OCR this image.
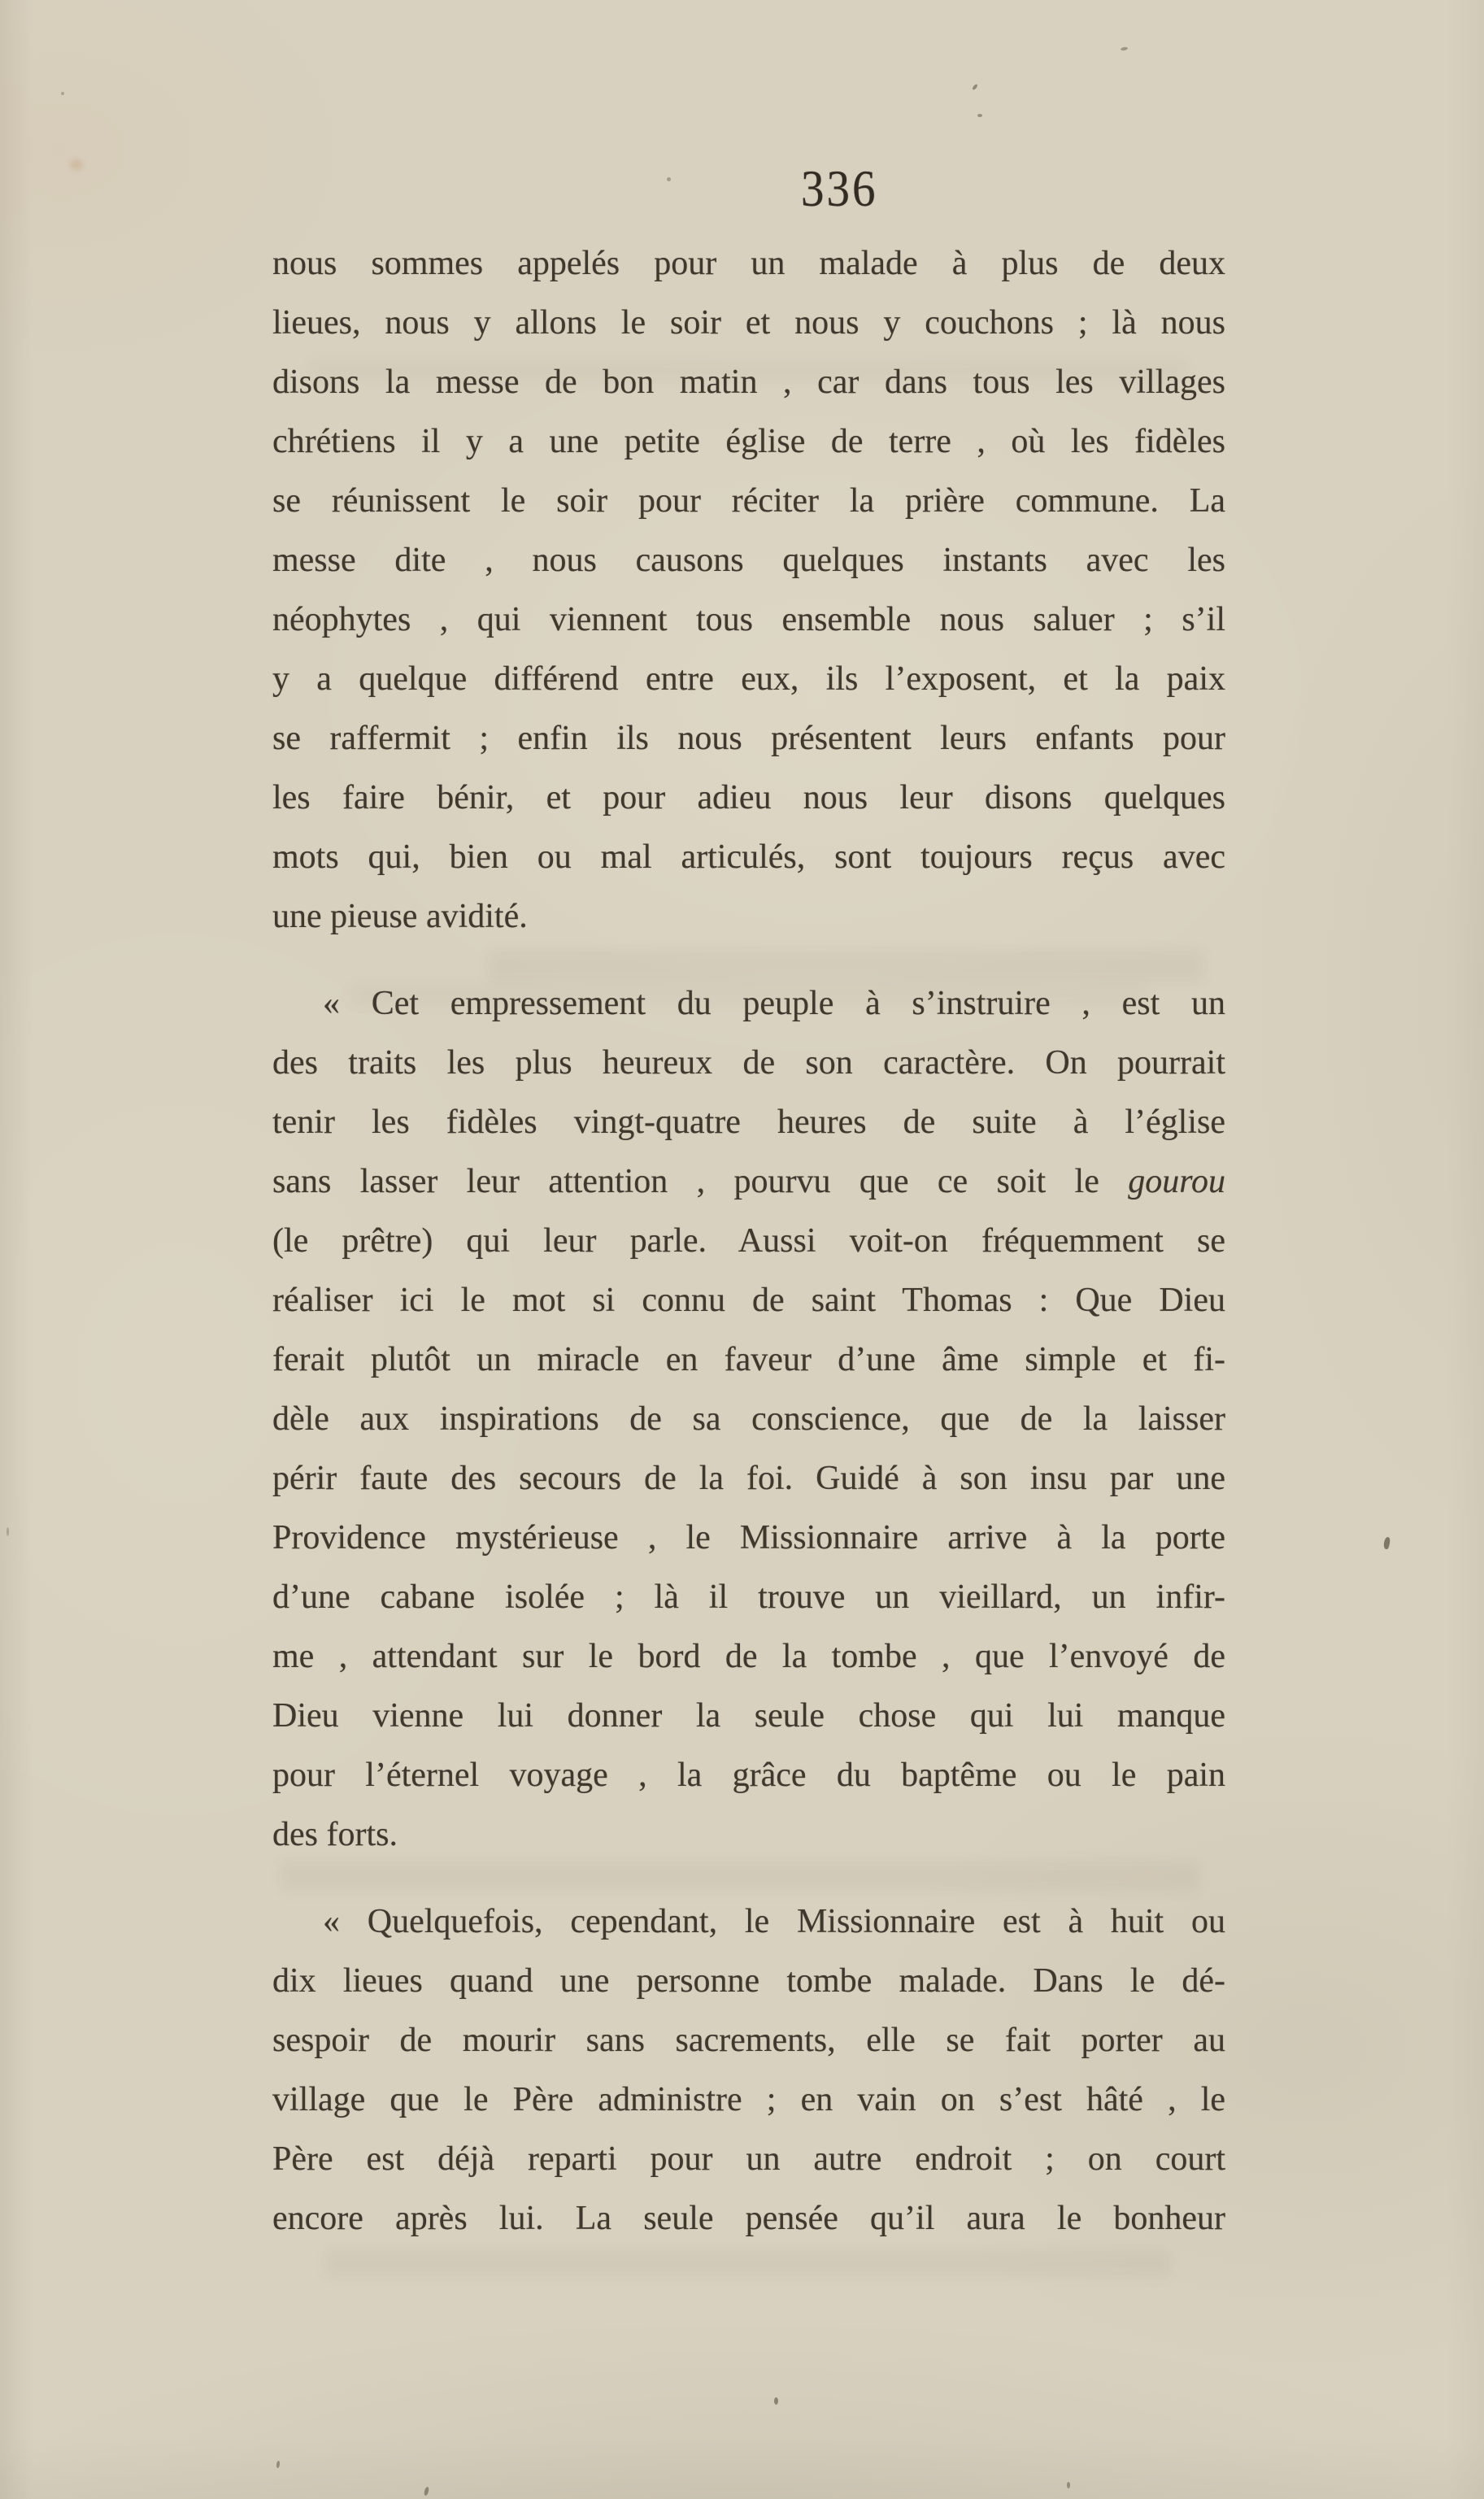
336
nous sommes appelés pour un malade à plus de deux
lieues, nous y allons le soir et nous y couchons ; là nous
disons la messe de bon matin , car dans tous les villages
chrétiens il y a une petite église de terre , où les fidèles
se réunissent le soir pour réciter la prière commune. La
messe dite , nous causons quelques instants avec les
néophytes , qui viennent tous ensemble nous saluer ; s’il
y a quelque différend entre eux, ils l’exposent, et la paix
se raffermit ; enfin ils nous présentent leurs enfants pour
les faire bénir, et pour adieu nous leur disons quelques
mots qui, bien ou mal articulés, sont toujours reçus avec
une pieuse avidité.
« Cet empressement du peuple à s’instruire , est un
des traits les plus heureux de son caractère. On pourrait
tenir les fidèles vingt-quatre heures de suite à l’église
sans lasser leur attention , pourvu que ce soit le gourou
(le prêtre) qui leur parle. Aussi voit-on fréquemment se
réaliser ici le mot si connu de saint Thomas : Que Dieu
ferait plutôt un miracle en faveur d’une âme simple et fi-
dèle aux inspirations de sa conscience, que de la laisser
périr faute des secours de la foi. Guidé à son insu par une
Providence mystérieuse , le Missionnaire arrive à la porte
d’une cabane isolée ; là il trouve un vieillard, un infir-
me , attendant sur le bord de la tombe , que l’envoyé de
Dieu vienne lui donner la seule chose qui lui manque
pour l’éternel voyage , la grâce du baptême ou le pain
des forts.
« Quelquefois, cependant, le Missionnaire est à huit ou
dix lieues quand une personne tombe malade. Dans le dé-
sespoir de mourir sans sacrements, elle se fait porter au
village que le Père administre ; en vain on s’est hâté , le
Père est déjà reparti pour un autre endroit ; on court
encore après lui. La seule pensée qu’il aura le bonheur
